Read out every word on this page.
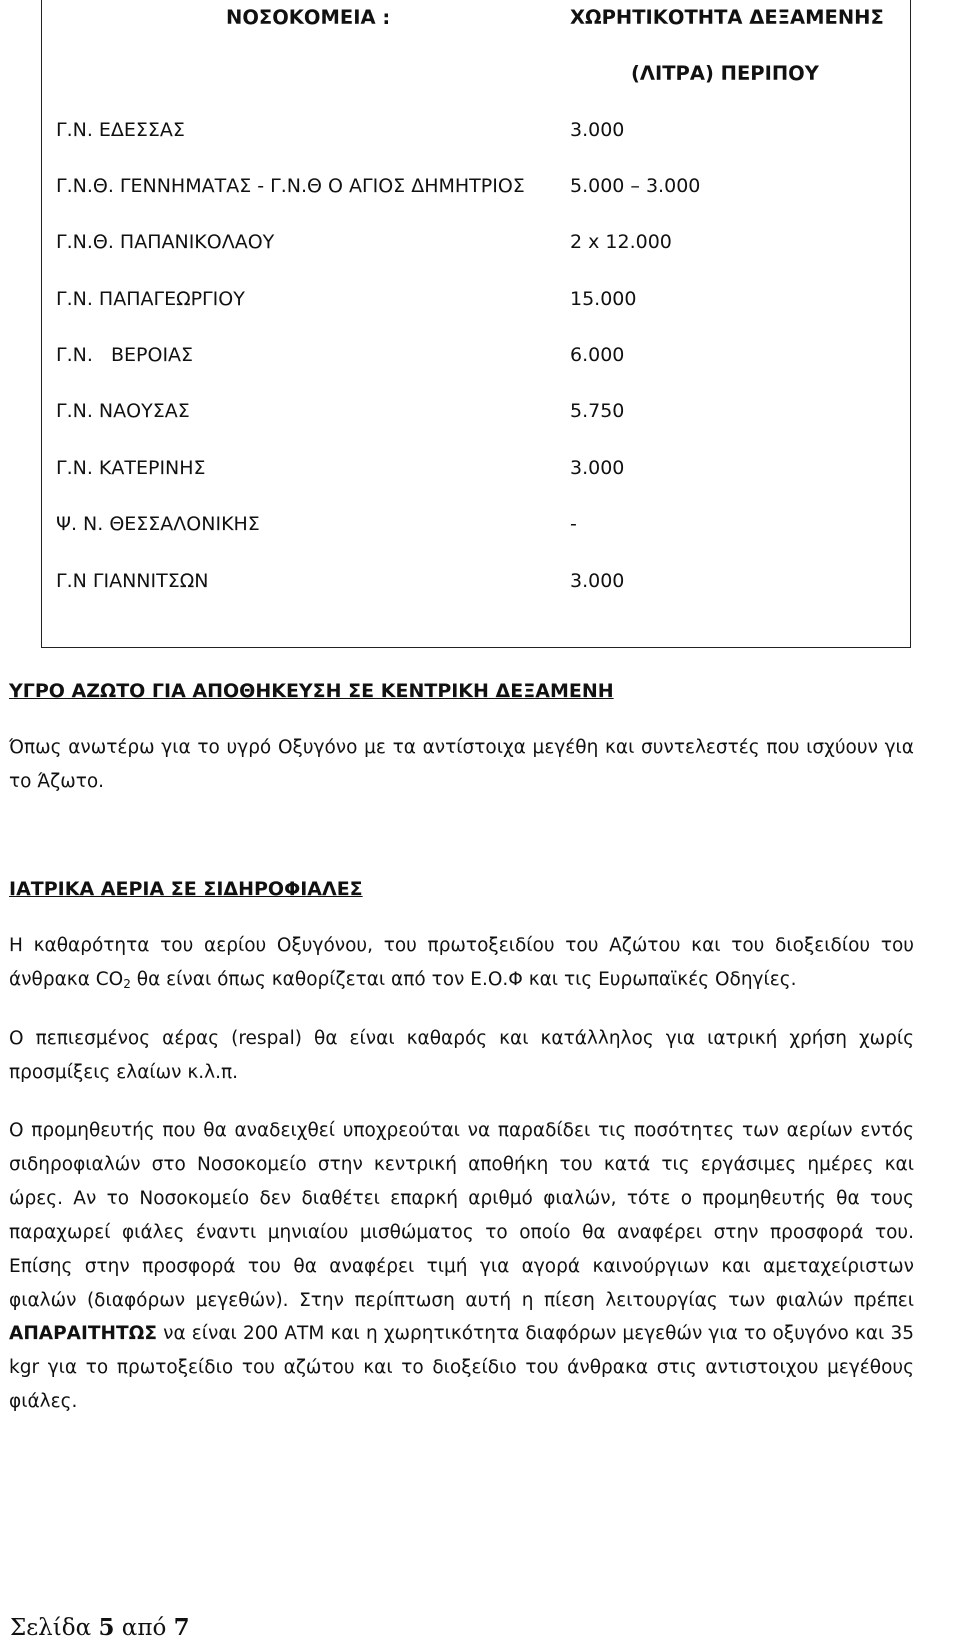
ΝΟΣΟΚΟΜΕΙΑ :	ΧΩΡΗΤΙΚΟΤΗΤΑ ΔΕΞΑΜΕΝΗΣ
(ΛΙΤΡΑ) ΠΕΡΙΠΟΥ
Γ.Ν. ΕΔΕΣΣΑΣ	3.000
Γ.Ν.Θ. ΓΕΝΝΗΜΑΤΑΣ - Γ.Ν.Θ Ο ΑΓΙΟΣ ΔΗΜΗΤΡΙΟΣ 5.000 – 3.000
Γ.Ν.Θ. ΠΑΠΑΝΙΚΟΛΑΟΥ	2 x 12.000
Γ.Ν. ΠΑΠΑΓΕΩΡΓΙΟΥ	15.000
Γ.Ν.   ΒΕΡΟΙΑΣ	6.000
Γ.Ν. ΝΑΟΥΣΑΣ	5.750
Γ.Ν. ΚΑΤΕΡΙΝΗΣ	3.000
Ψ. Ν. ΘΕΣΣΑΛΟΝΙΚΗΣ	-
Γ.Ν ΓΙΑΝΝΙΤΣΩΝ	3.000
ΥΓΡΟ ΑΖΩΤΟ ΓΙΑ ΑΠΟΘΗΚΕΥΣΗ ΣΕ ΚΕΝΤΡΙΚΗ ΔΕΞΑΜΕΝΗ
Όπως ανωτέρω για το υγρό Οξυγόνο με τα αντίστοιχα μεγέθη και συντελεστές που ισχύουν για το Άζωτο.
ΙΑΤΡΙΚΑ ΑΕΡΙΑ ΣΕ ΣΙΔΗΡΟΦΙΑΛΕΣ
Η καθαρότητα του αερίου Οξυγόνου, του πρωτοξειδίου του Αζώτου και του διοξειδίου του άνθρακα $CO_2$ θα είναι όπως καθορίζεται από τον Ε.Ο.Φ και τις Ευρωπαϊκές Οδηγίες.
Ο πεπιεσμένος αέρας (respal) θα είναι καθαρός και κατάλληλος για ιατρική χρήση χωρίς προσμίξεις ελαίων κ.λ.π.
Ο προμηθευτής που θα αναδειχθεί υποχρεούται να παραδίδει τις ποσότητες των αερίων εντός σιδηροφιαλών στο Νοσοκομείο στην κεντρική αποθήκη του κατά τις εργάσιμες ημέρες και ώρες. Αν το Νοσοκομείο δεν διαθέτει επαρκή αριθμό φιαλών, τότε ο προμηθευτής θα τους παραχωρεί φιάλες έναντι μηνιαίου μισθώματος το οποίο θα αναφέρει στην προσφορά του. Επίσης στην προσφορά του θα αναφέρει τιμή για αγορά καινούργιων και αμεταχείριστων φιαλών (διαφόρων μεγεθών). Στην περίπτωση αυτή η πίεση λειτουργίας των φιαλών πρέπει ΑΠΑΡΑΙΤΗΤΩΣ να είναι 200 ΑΤΜ και η χωρητικότητα διαφόρων μεγεθών για το οξυγόνο και 35 kgr για το πρωτοξείδιο του αζώτου και το διοξείδιο του άνθρακα στις αντιστοιχου μεγέθους φιάλες.
Σελίδα 5 από 7
